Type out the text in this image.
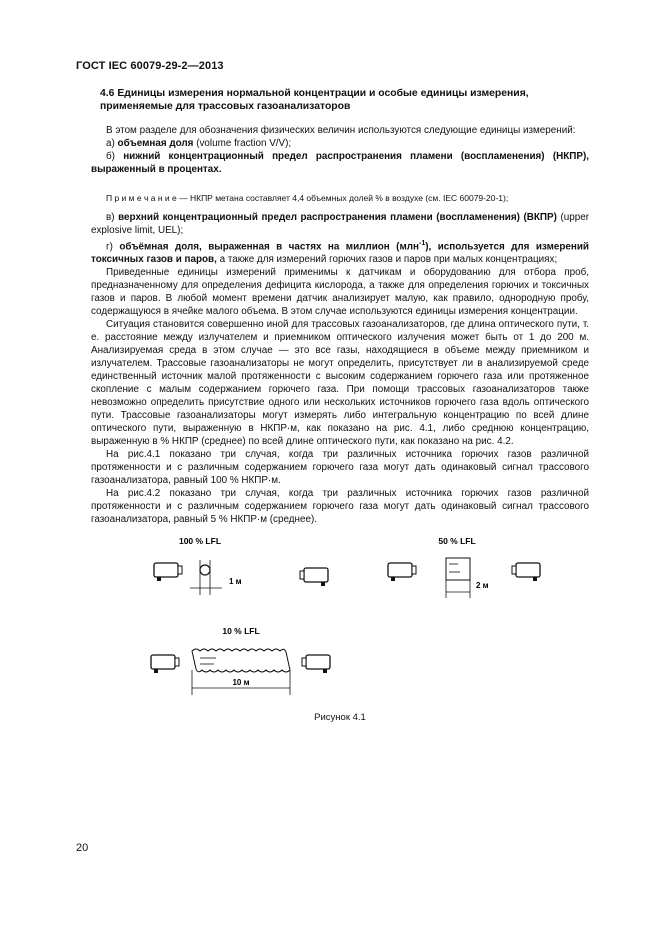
ГОСТ IEC 60079-29-2—2013
4.6 Единицы измерения нормальной концентрации и особые единицы измерения, применяемые для трассовых газоанализаторов

В этом разделе для обозначения физических величин используются следующие единицы измерений:

а) объемная доля (volume fraction V/V);

б) нижний концентрационный предел распространения пламени (воспламенения) (НКПР), выраженный в процентах.

П р и м е ч а н и е — НКПР метана составляет 4,4 объемных долей % в воздухе (см. IEC 60079-20-1);

в) верхний концентрационный предел распространения пламени (воспламенения) (ВКПР) (upper explosive limit, UEL);

г) объёмная доля, выраженная в частях на миллион (млн$^{-1}$), используется для измерений токсичных газов и паров, а также для измерений горючих газов и паров при малых концентрациях;

Приведенные единицы измерений применимы к датчикам и оборудованию для отбора проб, предназначенному для определения дефицита кислорода, а также для определения горючих и токсичных газов и паров. В любой момент времени датчик анализирует малую, как правило, однородную пробу, содержащуюся в ячейке малого объема. В этом случае используются единицы измерения концентрации.

Ситуация становится совершенно иной для трассовых газоанализаторов, где длина оптического пути, т. е. расстояние между излучателем и приемником оптического излучения может быть от 1 до 200 м. Анализируемая среда в этом случае — это все газы, находящиеся в объеме между приемником и излучателем. Трассовые газоанализаторы не могут определить, присутствует ли в анализируемой среде единственный источник малой протяженности с высоким содержанием горючего газа или протяженное скопление с малым содержанием горючего газа. При помощи трассовых газоанализаторов также невозможно определить присутствие одного или нескольких источников горючего газа вдоль оптического пути. Трассовые газоанализаторы могут измерять либо интегральную концентрацию по всей длине оптического пути, выраженную в НКПР·м, как показано на рис. 4.1, либо среднюю концентрацию, выраженную в % НКПР (среднее) по всей длине оптического пути, как показано на рис. 4.2.

На рис.4.1 показано три случая, когда три различных источника горючих газов различной протяженности и с различным содержанием горючего газа могут дать одинаковый сигнал трассового газоанализатора, равный 100 % НКПР·м.

На рис.4.2 показано три случая, когда три различных источника горючих газов различной протяженности и с различным содержанием горючего газа могут дать одинаковый сигнал трассового газоанализатора, равный 5 % НКПР·м (среднее).

100 % LFL
1 м
50 % LFL
2 м
10 % LFL
10 м
Рисунок 4.1
20
